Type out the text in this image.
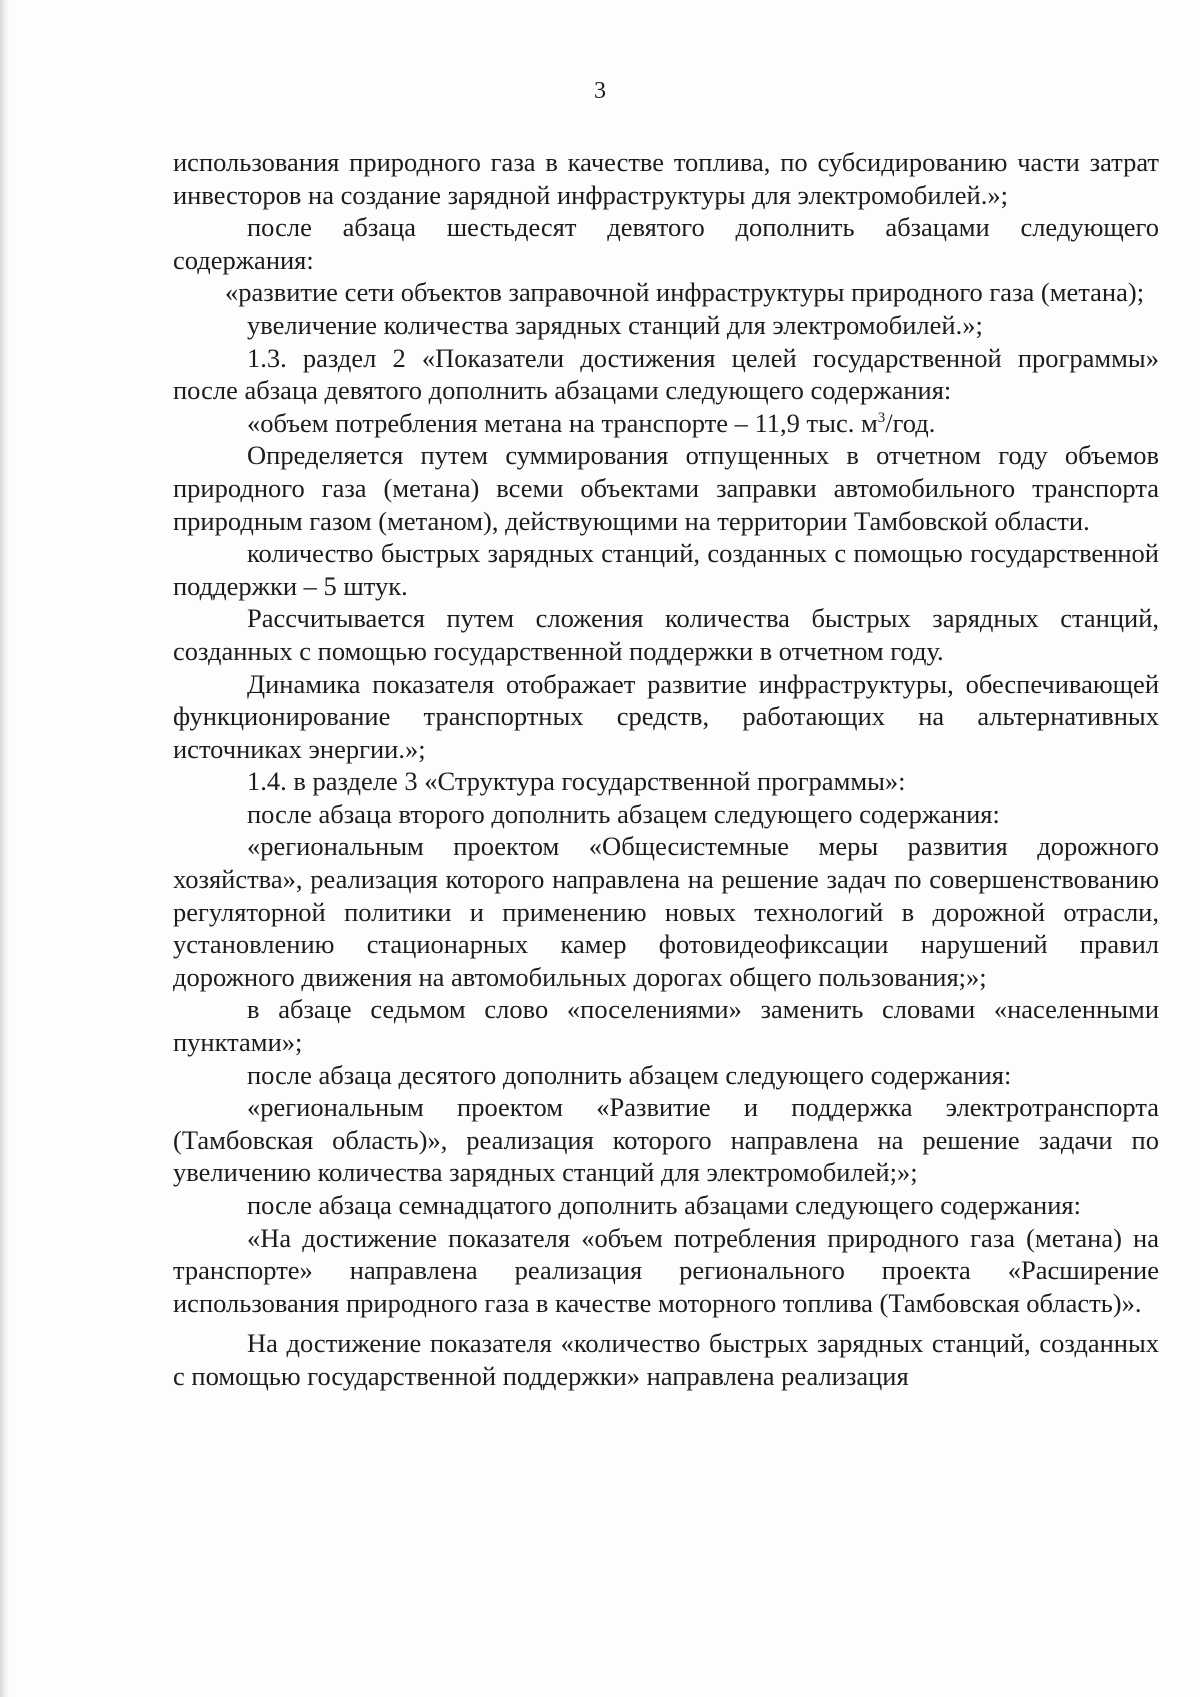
3

использования природного газа в качестве топлива, по субсидированию части затрат инвесторов на создание зарядной инфраструктуры для электромобилей.»;

после абзаца шестьдесят девятого дополнить абзацами следующего содержания:

«развитие сети объектов заправочной инфраструктуры природного газа (метана);

увеличение количества зарядных станций для электромобилей.»;

1.3. раздел 2 «Показатели достижения целей государственной программы» после абзаца девятого дополнить абзацами следующего содержания:

«объем потребления метана на транспорте – 11,9 тыс. $м^3$/год.

Определяется путем суммирования отпущенных в отчетном году объемов природного газа (метана) всеми объектами заправки автомобильного транспорта природным газом (метаном), действующими на территории Тамбовской области.

количество быстрых зарядных станций, созданных с помощью государственной поддержки – 5 штук.

Рассчитывается путем сложения количества быстрых зарядных станций, созданных с помощью государственной поддержки в отчетном году.

Динамика показателя отображает развитие инфраструктуры, обеспечивающей функционирование транспортных средств, работающих на альтернативных источниках энергии.»;

1.4. в разделе 3 «Структура государственной программы»:

после абзаца второго дополнить абзацем следующего содержания:

«региональным проектом «Общесистемные меры развития дорожного хозяйства», реализация которого направлена на решение задач по совершенствованию регуляторной политики и применению новых технологий в дорожной отрасли, установлению стационарных камер фотовидеофиксации нарушений правил дорожного движения на автомобильных дорогах общего пользования;»;

в абзаце седьмом слово «поселениями» заменить словами «населенными пунктами»;

после абзаца десятого дополнить абзацем следующего содержания:

«региональным проектом «Развитие и поддержка электротранспорта (Тамбовская область)», реализация которого направлена на решение задачи по увеличению количества зарядных станций для электромобилей;»;

после абзаца семнадцатого дополнить абзацами следующего содержания:

«На достижение показателя «объем потребления природного газа (метана) на транспорте» направлена реализация регионального проекта «Расширение использования природного газа в качестве моторного топлива (Тамбовская область)».

На достижение показателя «количество быстрых зарядных станций, созданных с помощью государственной поддержки» направлена реализация
